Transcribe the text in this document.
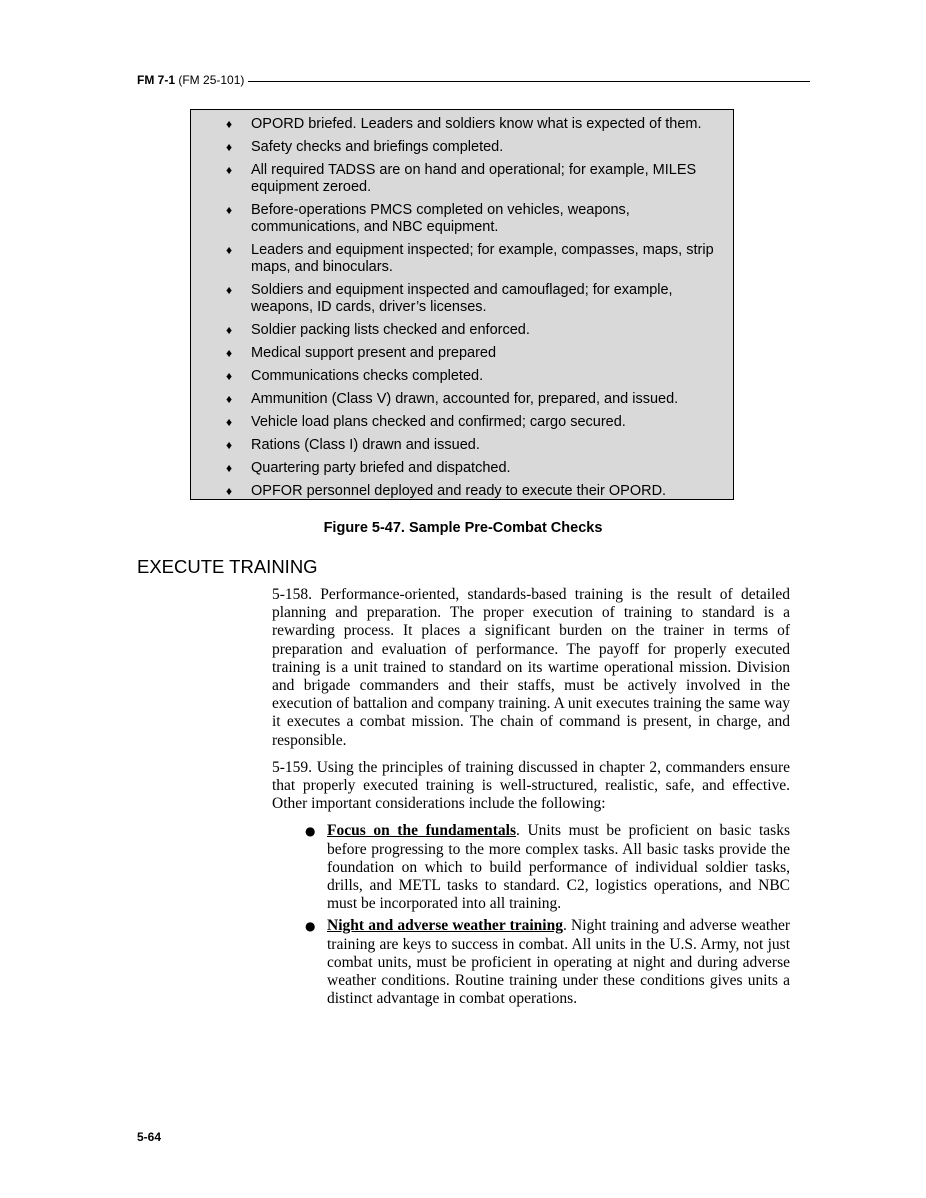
FM 7-1 (FM 25-101)
♦ OPORD briefed. Leaders and soldiers know what is expected of them.
♦ Safety checks and briefings completed.
♦ All required TADSS are on hand and operational; for example, MILES equipment zeroed.
♦ Before-operations PMCS completed on vehicles, weapons, communications, and NBC equipment.
♦ Leaders and equipment inspected; for example, compasses, maps, strip maps, and binoculars.
♦ Soldiers and equipment inspected and camouflaged; for example, weapons, ID cards, driver’s licenses.
♦ Soldier packing lists checked and enforced.
♦ Medical support present and prepared
♦ Communications checks completed.
♦ Ammunition (Class V) drawn, accounted for, prepared, and issued.
♦ Vehicle load plans checked and confirmed; cargo secured.
♦ Rations (Class I) drawn and issued.
♦ Quartering party briefed and dispatched.
♦ OPFOR personnel deployed and ready to execute their OPORD.
Figure 5-47. Sample Pre-Combat Checks
EXECUTE TRAINING

5-158. Performance-oriented, standards-based training is the result of detailed planning and preparation. The proper execution of training to standard is a rewarding process. It places a significant burden on the trainer in terms of preparation and evaluation of performance. The payoff for properly executed training is a unit trained to standard on its wartime operational mission. Division and brigade commanders and their staffs, must be actively involved in the execution of battalion and company training. A unit executes training the same way it executes a combat mission. The chain of command is present, in charge, and responsible.

5-159. Using the principles of training discussed in chapter 2, commanders ensure that properly executed training is well-structured, realistic, safe, and effective. Other important considerations include the following:

● Focus on the fundamentals. Units must be proficient on basic tasks before progressing to the more complex tasks. All basic tasks provide the foundation on which to build performance of individual soldier tasks, drills, and METL tasks to standard. C2, logistics operations, and NBC must be incorporated into all training.
● Night and adverse weather training. Night training and adverse weather training are keys to success in combat. All units in the U.S. Army, not just combat units, must be proficient in operating at night and during adverse weather conditions. Routine training under these conditions gives units a distinct advantage in combat operations.
5-64
